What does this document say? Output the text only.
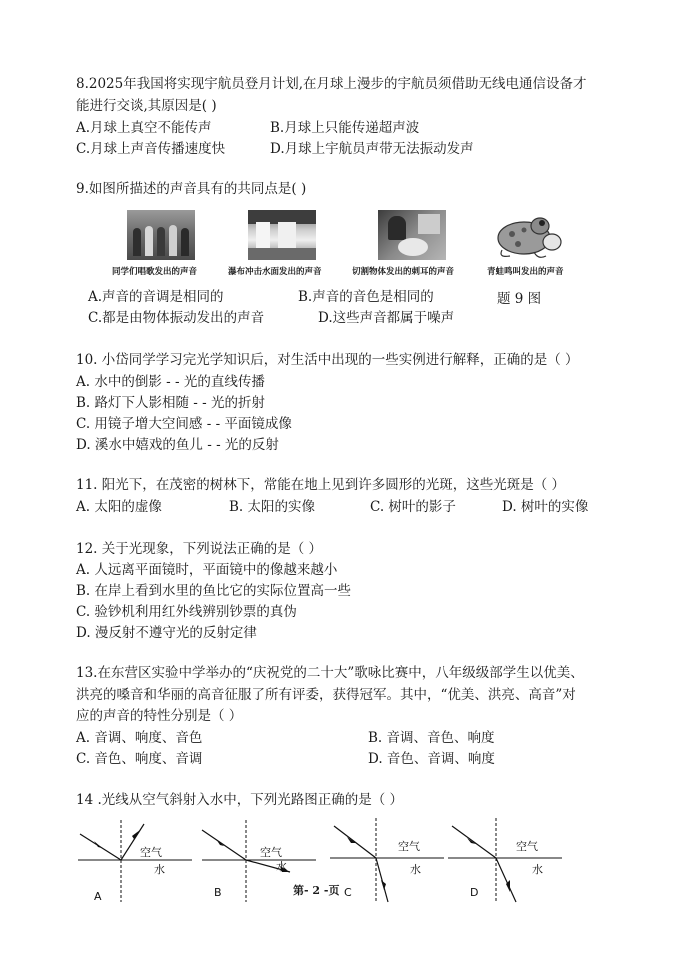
8.2025年我国将实现宇航员登月计划,在月球上漫步的宇航员须借助无线电通信设备才
能进行交谈,其原因是( )
A.月球上真空不能传声	B.月球上只能传递超声波
C.月球上声音传播速度快	D.月球上宇航员声带无法振动发声
9.如图所描述的声音具有的共同点是( )
同学们唱歌发出的声音	瀑布冲击水面发出的声音	切割物体发出的刺耳的声音	青蛙鸣叫发出的声音
A.声音的音调是相同的	B.声音的音色是相同的	题 9 图
C.都是由物体振动发出的声音	D.这些声音都属于噪声
10. 小岱同学学习完光学知识后，对生活中出现的一些实例进行解释，正确的是（ ）
A. 水中的倒影 - - 光的直线传播
B. 路灯下人影相随 - - 光的折射
C. 用镜子增大空间感 - - 平面镜成像
D. 溪水中嬉戏的鱼儿 - - 光的反射
11. 阳光下，在茂密的树林下，常能在地上见到许多圆形的光斑，这些光斑是（ ）
A. 太阳的虚像	B. 太阳的实像	C. 树叶的影子	D. 树叶的实像
12. 关于光现象，下列说法正确的是（ ）
A. 人远离平面镜时，平面镜中的像越来越小
B. 在岸上看到水里的鱼比它的实际位置高一些
C. 验钞机利用红外线辨别钞票的真伪
D. 漫反射不遵守光的反射定律
13.在东营区实验中学举办的“庆祝党的二十大”歌咏比赛中，八年级级部学生以优美、
洪亮的嗓音和华丽的高音征服了所有评委，获得冠军。其中，“优美、洪亮、高音”对
应的声音的特性分别是（ ）
A. 音调、响度、音色	B. 音调、音色、响度
C. 音色、响度、音调	D. 音色、音调、响度
14 .光线从空气斜射入水中，下列光路图正确的是（ ）
空气
水
A
空气
水
B
空气
水
C
空气
水
D
第- 2 -页
